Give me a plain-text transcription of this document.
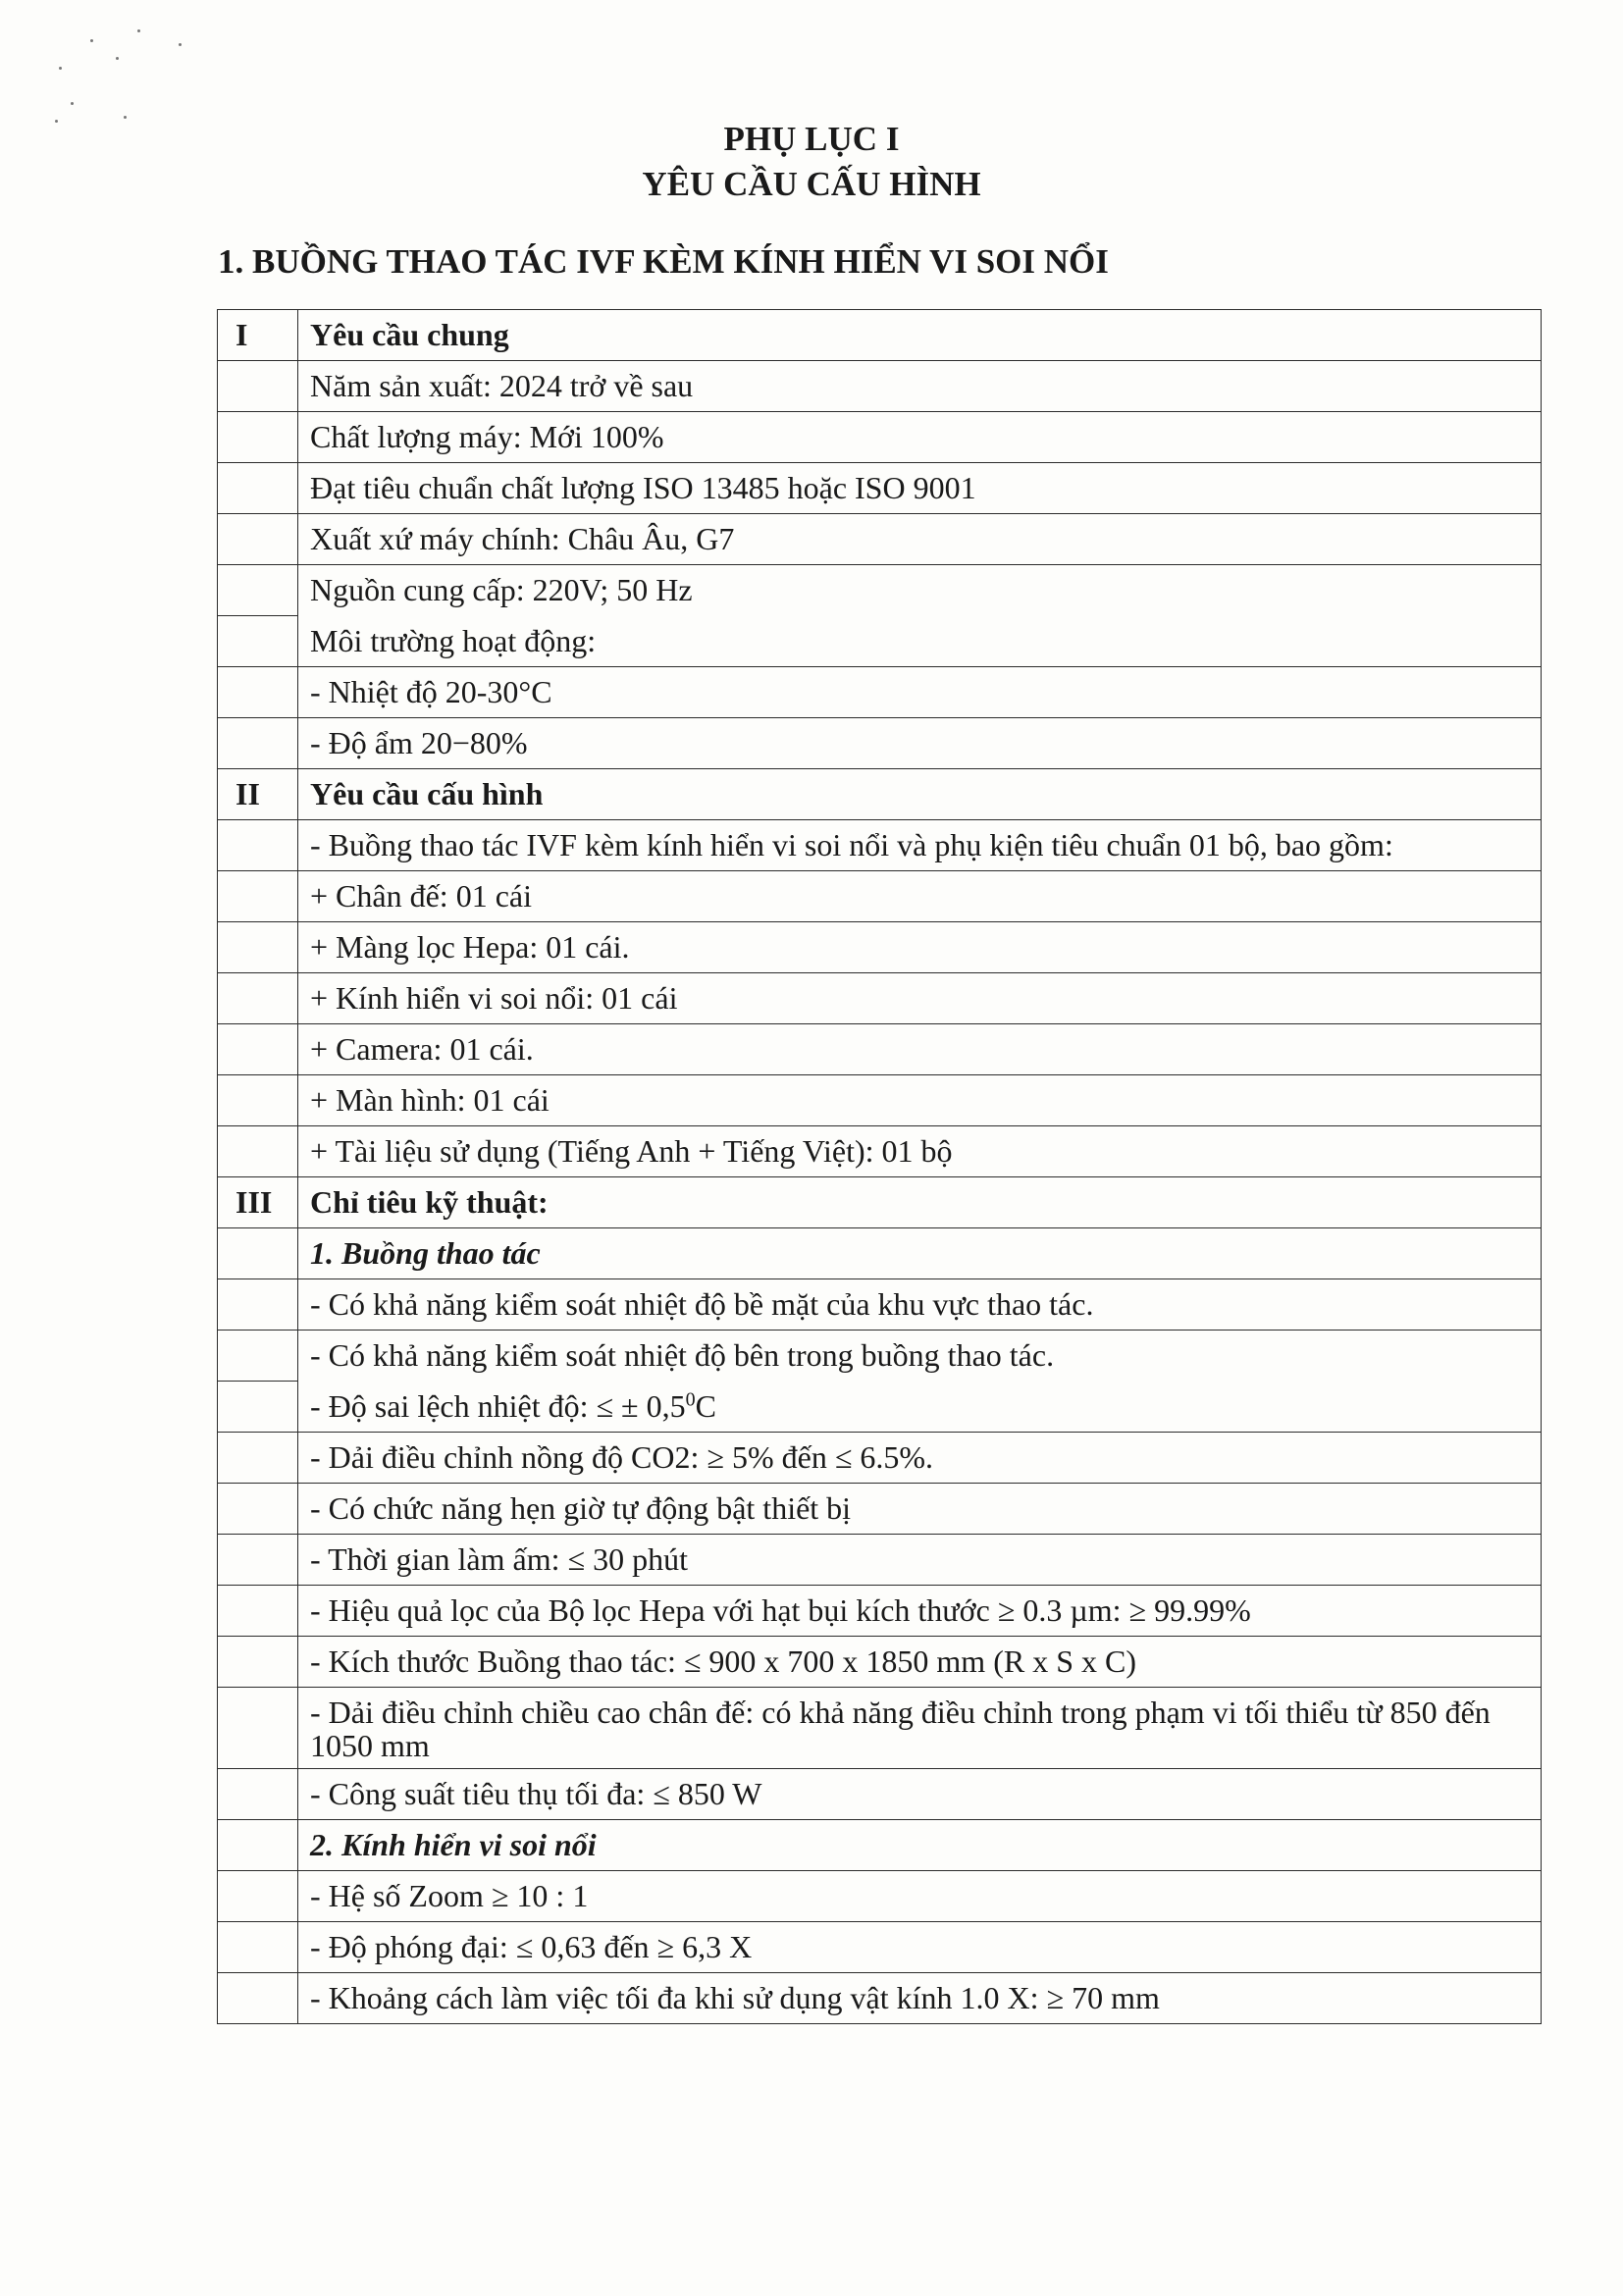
PHỤ LỤC I
YÊU CẦU CẤU HÌNH
1. BUỒNG THAO TÁC IVF KÈM KÍNH HIỂN VI SOI NỔI
I	Yêu cầu chung
	Năm sản xuất: 2024 trở về sau
	Chất lượng máy: Mới 100%
	Đạt tiêu chuẩn chất lượng ISO 13485 hoặc ISO 9001
	Xuất xứ máy chính: Châu Âu, G7
	Nguồn cung cấp: 220V; 50 Hz
	Môi trường hoạt động:
	- Nhiệt độ 20-30°C
	- Độ ẩm 20−80%
II	Yêu cầu cấu hình
	- Buồng thao tác IVF kèm kính hiển vi soi nổi và phụ kiện tiêu chuẩn 01 bộ, bao gồm:
	+ Chân đế: 01 cái
	+ Màng lọc Hepa: 01 cái.
	+ Kính hiển vi soi nổi: 01 cái
	+ Camera: 01 cái.
	+ Màn hình: 01 cái
	+ Tài liệu sử dụng (Tiếng Anh + Tiếng Việt): 01 bộ
III	Chỉ tiêu kỹ thuật:
	1. Buồng thao tác
	- Có khả năng kiểm soát nhiệt độ bề mặt của khu vực thao tác.
	- Có khả năng kiểm soát nhiệt độ bên trong buồng thao tác.
	- Độ sai lệch nhiệt độ: ≤ ± $0,5^0C$
	- Dải điều chỉnh nồng độ CO2: ≥ 5% đến ≤ 6.5%.
	- Có chức năng hẹn giờ tự động bật thiết bị
	- Thời gian làm ấm: ≤ 30 phút
	- Hiệu quả lọc của Bộ lọc Hepa với hạt bụi kích thước ≥ 0.3 µm: ≥ 99.99%
	- Kích thước Buồng thao tác: ≤ 900 x 700 x 1850 mm (R x S x C)
	- Dải điều chỉnh chiều cao chân đế: có khả năng điều chỉnh trong phạm vi tối thiểu từ 850 đến 1050 mm
	- Công suất tiêu thụ tối đa: ≤ 850 W
	2. Kính hiển vi soi nổi
	- Hệ số Zoom ≥ 10 : 1
	- Độ phóng đại: ≤ 0,63 đến ≥ 6,3 X
	- Khoảng cách làm việc tối đa khi sử dụng vật kính 1.0 X: ≥ 70 mm
